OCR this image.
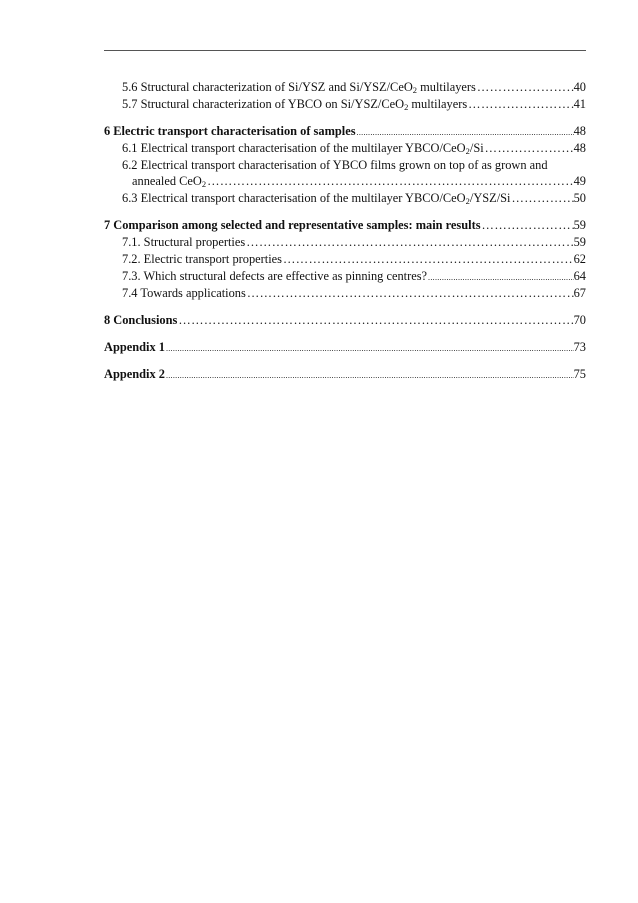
5.6 Structural characterization of Si/YSZ and Si/YSZ/CeO$_2$ multilayers …………………………………………………………………………………………………………………………………………………………………………………………………………………………	40
5.7 Structural characterization of YBCO on Si/YSZ/CeO$_2$ multilayers …………………………………………………………………………………………………………………………………………………………………………………………………………………………	41
6 Electric transport characterisation of samples .....	48
6.1 Electrical transport characterisation of the multilayer YBCO/CeO$_2$/Si …………………………………………………………………………………………………………………………………………………………………………………………………………………………	48
6.2 Electrical transport characterisation of YBCO films grown on top of as grown and
annealed CeO$_2$ …………………………………………………………………………………………………………………………………………………………………………………………………………………………	49
6.3 Electrical transport characterisation of the multilayer YBCO/CeO$_2$/YSZ/Si …………………………………………………………………………………………………………………………………………………………………………………………………………………………	50
7 Comparison among selected and representative samples: main results …………………………………………………………………………………………………………………………………………………………………………………………………………………………	59
7.1. Structural properties …………………………………………………………………………………………………………………………………………………………………………………………………………………………	59
7.2. Electric transport properties …………………………………………………………………………………………………………………………………………………………………………………………………………………………	62
7.3. Which structural defects are effective as pinning centres? .....	64
7.4 Towards applications …………………………………………………………………………………………………………………………………………………………………………………………………………………………	67
8 Conclusions …………………………………………………………………………………………………………………………………………………………………………………………………………………………	70
Appendix 1 .....	73
Appendix 2 .....	75
